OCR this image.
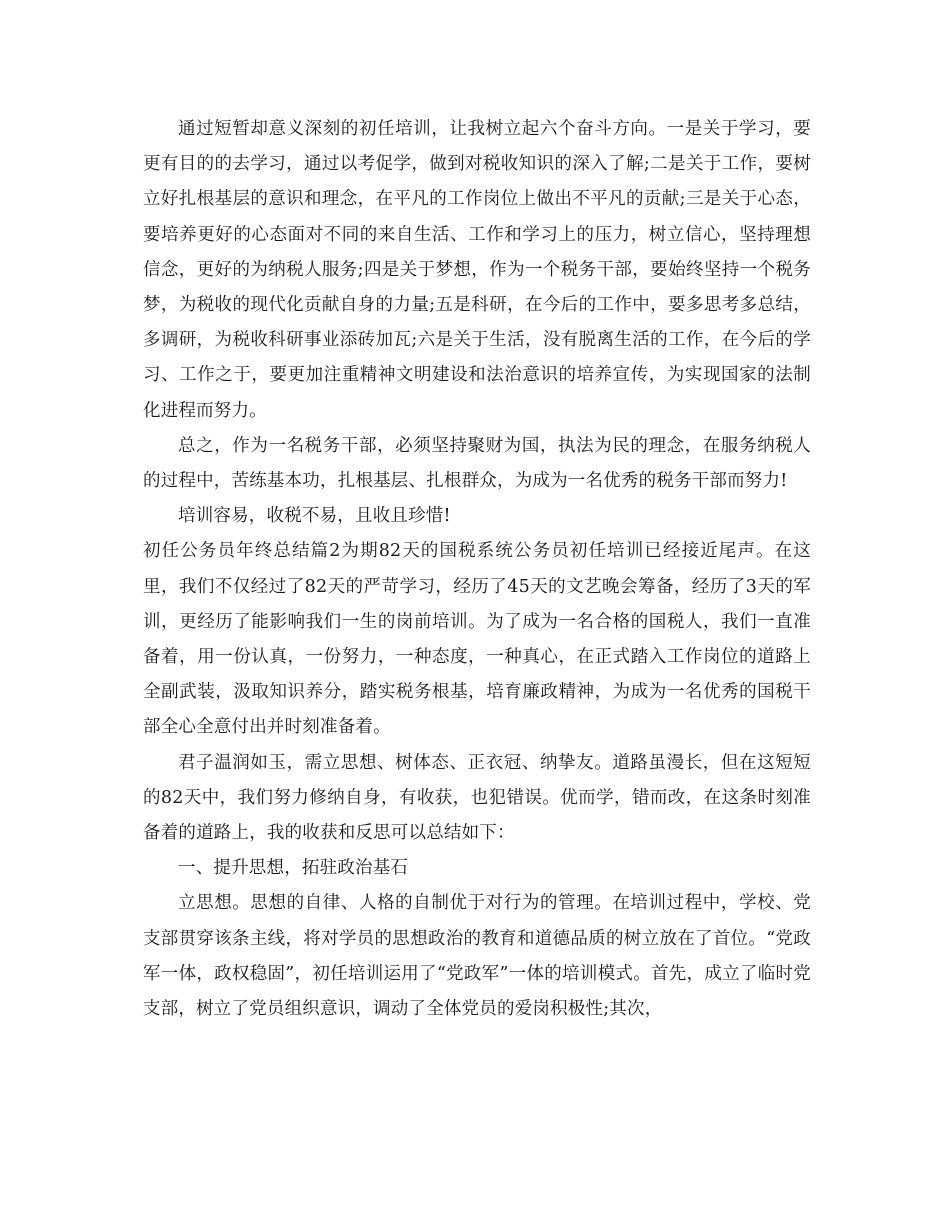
通过短暂却意义深刻的初任培训，让我树立起六个奋斗方向。一是关于学习，要更有目的的去学习，通过以考促学，做到对税收知识的深入了解;二是关于工作，要树立好扎根基层的意识和理念，在平凡的工作岗位上做出不平凡的贡献;三是关于心态，要培养更好的心态面对不同的来自生活、工作和学习上的压力，树立信心，坚持理想信念，更好的为纳税人服务;四是关于梦想，作为一个税务干部，要始终坚持一个税务梦，为税收的现代化贡献自身的力量;五是科研，在今后的工作中，要多思考多总结，多调研，为税收科研事业添砖加瓦;六是关于生活，没有脱离生活的工作，在今后的学习、工作之于，要更加注重精神文明建设和法治意识的培养宣传，为实现国家的法制化进程而努力。

总之，作为一名税务干部，必须坚持聚财为国，执法为民的理念，在服务纳税人的过程中，苦练基本功，扎根基层、扎根群众，为成为一名优秀的税务干部而努力!

培训容易，收税不易，且收且珍惜!

初任公务员年终总结篇2为期82天的国税系统公务员初任培训已经接近尾声。在这里，我们不仅经过了82天的严苛学习，经历了45天的文艺晚会筹备，经历了3天的军训，更经历了能影响我们一生的岗前培训。为了成为一名合格的国税人，我们一直准备着，用一份认真，一份努力，一种态度，一种真心，在正式踏入工作岗位的道路上全副武装，汲取知识养分，踏实税务根基，培育廉政精神，为成为一名优秀的国税干部全心全意付出并时刻准备着。

君子温润如玉，需立思想、树体态、正衣冠、纳挚友。道路虽漫长，但在这短短的82天中，我们努力修纳自身，有收获，也犯错误。优而学，错而改，在这条时刻准备着的道路上，我的收获和反思可以总结如下：

一、提升思想，拓驻政治基石

立思想。思想的自律、人格的自制优于对行为的管理。在培训过程中，学校、党支部贯穿该条主线，将对学员的思想政治的教育和道德品质的树立放在了首位。“党政军一体，政权稳固”，初任培训运用了“党政军”一体的培训模式。首先，成立了临时党支部，树立了党员组织意识，调动了全体党员的爱岗积极性;其次，
